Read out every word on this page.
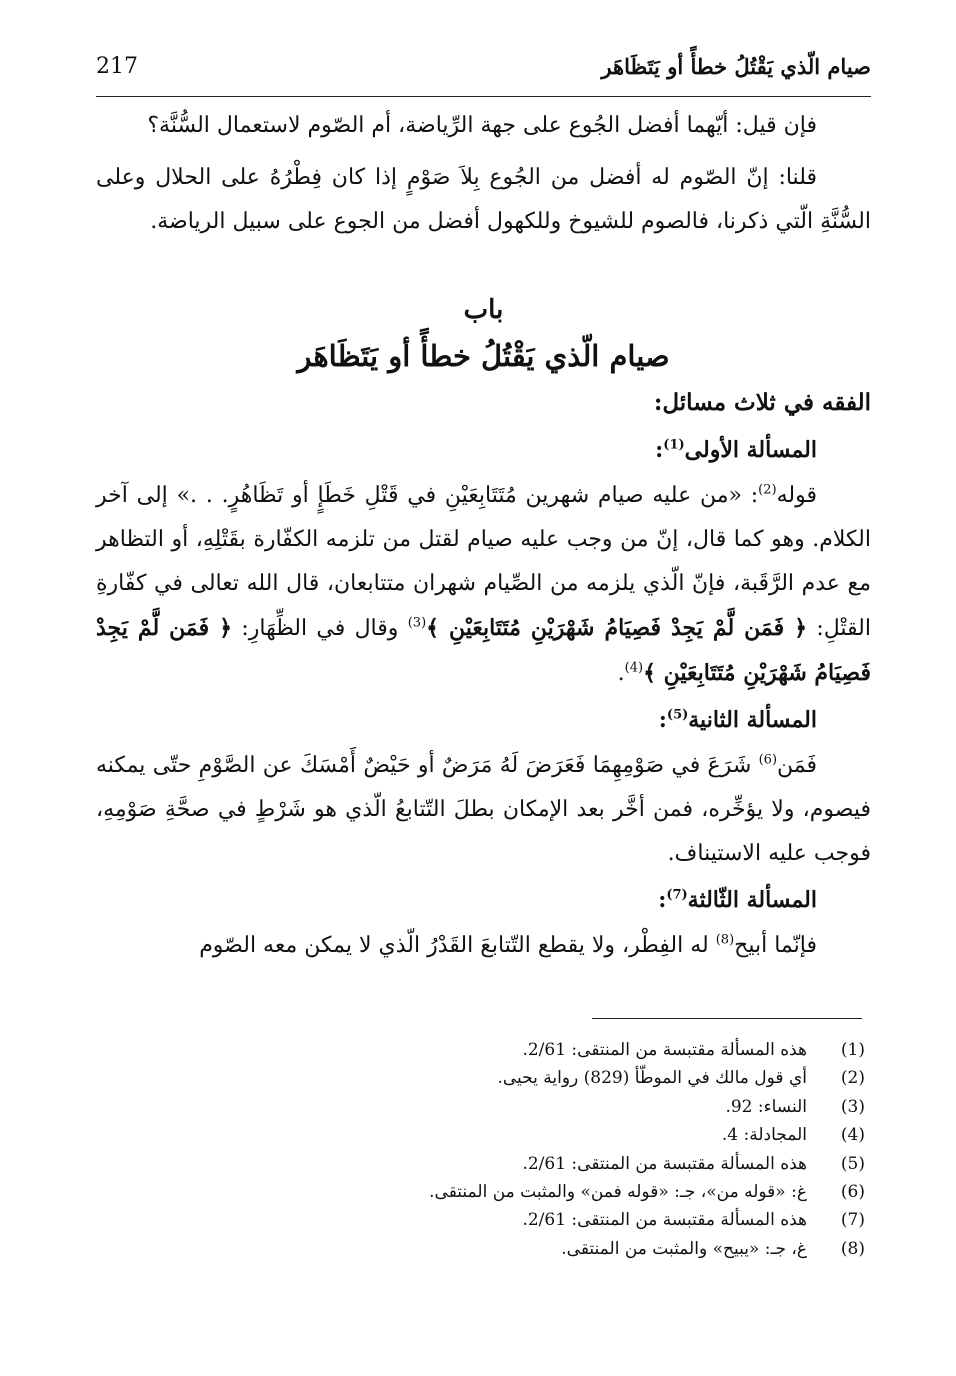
217	صيام الّذي يَقْتُلُ خطأً أو يَتَظَاهَر

فإن قيل: أيّهما أفضل الجُوع على جهة الرِّياضة، أم الصّوم لاستعمال السُّنَّة؟

قلنا: إنّ الصّوم له أفضل من الجُوع بِلاَ صَوْمٍ إذا كان فِطْرُهُ على الحلال وعلى السُّنَّةِ الّتي ذكرنا، فالصوم للشيوخ وللكهول أفضل من الجوع على سبيل الرياضة.

باب
صيام الّذي يَقْتُلُ خطأً أو يَتَظَاهَر

الفقه في ثلاث مسائل:

المسألة الأولى$^{(1)}$:

قوله$^{(2)}$: «من عليه صيام شهرين مُتَتَابِعَيْنِ في قَتْلِ خَطَإٍ أو تَظَاهُرٍ. . .» إلى آخر الكلام. وهو كما قال، إنّ من وجب عليه صيام لقتل من تلزمه الكفّارة بقَتْلِهِ، أو التظاهر مع عدم الرَّقَبة، فإنّ الّذي يلزمه من الصِّيام شهران متتابعان، قال الله تعالى في كفّارةِ القتْلِ: ﴿ فَمَن لَّمْ يَجِدْ فَصِيَامُ شَهْرَيْنِ مُتَتَابِعَيْنِ ﴾$^{(3)}$ وقال في الظِّهَارِ: ﴿ فَمَن لَّمْ يَجِدْ فَصِيَامُ شَهْرَيْنِ مُتَتَابِعَيْنِ ﴾$^{(4)}$.

المسألة الثانية$^{(5)}$:

فَمَن$^{(6)}$ شَرَعَ في صَوْمِهِمَا فَعَرَضَ لَهُ مَرَضٌ أو حَيْضٌ أَمْسَكَ عن الصَّوْمِ حتّى يمكنه فيصوم، ولا يؤخِّره، فمن أخَّر بعد الإمكان بطلَ التّتابعُ الّذي هو شَرْطٍ في صحَّةِ صَوْمِهِ، فوجب عليه الاستيناف.

المسألة الثّالثة$^{(7)}$:

فإنّما أبيح$^{(8)}$ له الفِطْر، ولا يقطع التّتابعَ القَدْرُ الّذي لا يمكن معه الصّوم

(1)
هذه المسألة مقتبسة من المنتقى: 2/61.
(2)
أي قول مالك في الموطّأ (829) رواية يحيى.
(3)
النساء: 92.
(4)
المجادلة: 4.
(5)
هذه المسألة مقتبسة من المنتقى: 2/61.
(6)
غ: «قوله من»، جـ: «قوله فمن» والمثبت من المنتقى.
(7)
هذه المسألة مقتبسة من المنتقى: 2/61.
(8)
غ، جـ: «يبيح» والمثبت من المنتقى.
